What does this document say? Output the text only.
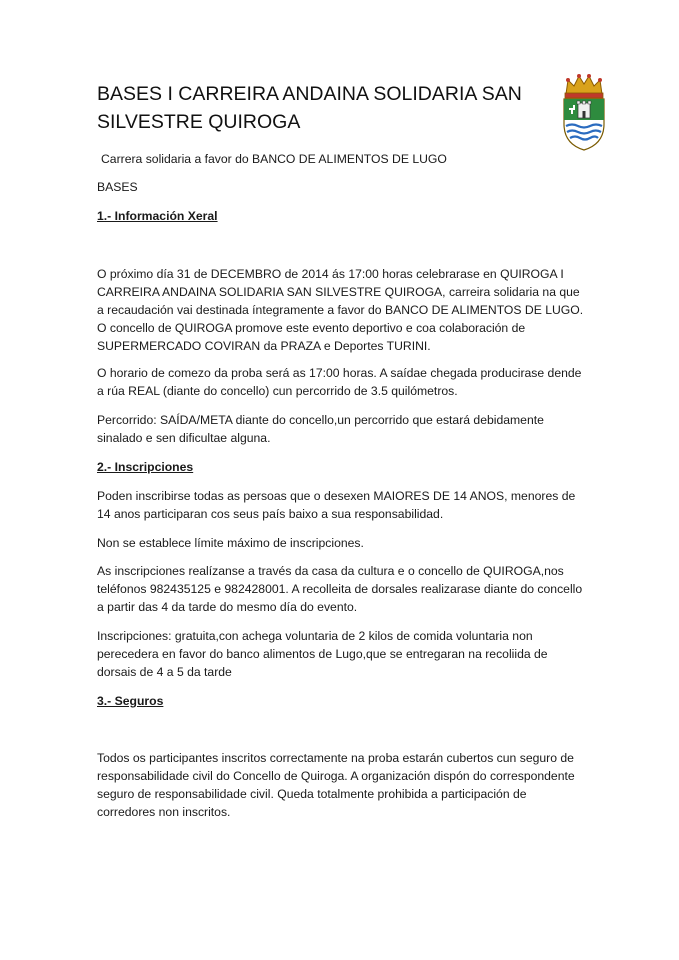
BASES I CARREIRA ANDAINA SOLIDARIA SAN SILVESTRE QUIROGA

Carrera solidaria a favor do BANCO DE ALIMENTOS DE LUGO

BASES

1.- Información Xeral

O próximo día 31 de DECEMBRO de 2014 ás 17:00 horas celebrarase en QUIROGA I CARREIRA ANDAINA SOLIDARIA SAN SILVESTRE QUIROGA, carreira solidaria na que a recaudación vai destinada íntegramente a favor do BANCO DE ALIMENTOS DE LUGO. O concello de QUIROGA promove este evento deportivo e coa colaboración de SUPERMERCADO COVIRAN da PRAZA e Deportes TURINI.

O horario de comezo da proba será as 17:00 horas. A saídae chegada producirase dende a rúa REAL (diante do concello) cun percorrido de 3.5 quilómetros.

Percorrido: SAÍDA/META diante do concello,un percorrido que estará debidamente sinalado e sen dificultae alguna.

2.- Inscripciones

Poden inscribirse todas as persoas que o desexen MAIORES DE 14 ANOS, menores de 14 anos participaran cos seus país baixo a sua responsabilidad.

Non se establece límite máximo de inscripciones.

As inscripciones realízanse a través da casa da cultura e o concello de QUIROGA,nos teléfonos 982435125 e 982428001. A recolleita de dorsales realizarase diante do concello a partir das 4 da tarde do mesmo día do evento.

Inscripciones: gratuita,con achega voluntaria de 2 kilos de comida voluntaria non perecedera en favor do banco alimentos de Lugo,que se entregaran na recoliida de dorsais de 4 a 5 da tarde

3.- Seguros

Todos os participantes inscritos correctamente na proba estarán cubertos cun seguro de responsabilidade civil do Concello de Quiroga. A organización dispón do correspondente seguro de responsabilidade civil. Queda totalmente prohibida a participación de corredores non inscritos.
